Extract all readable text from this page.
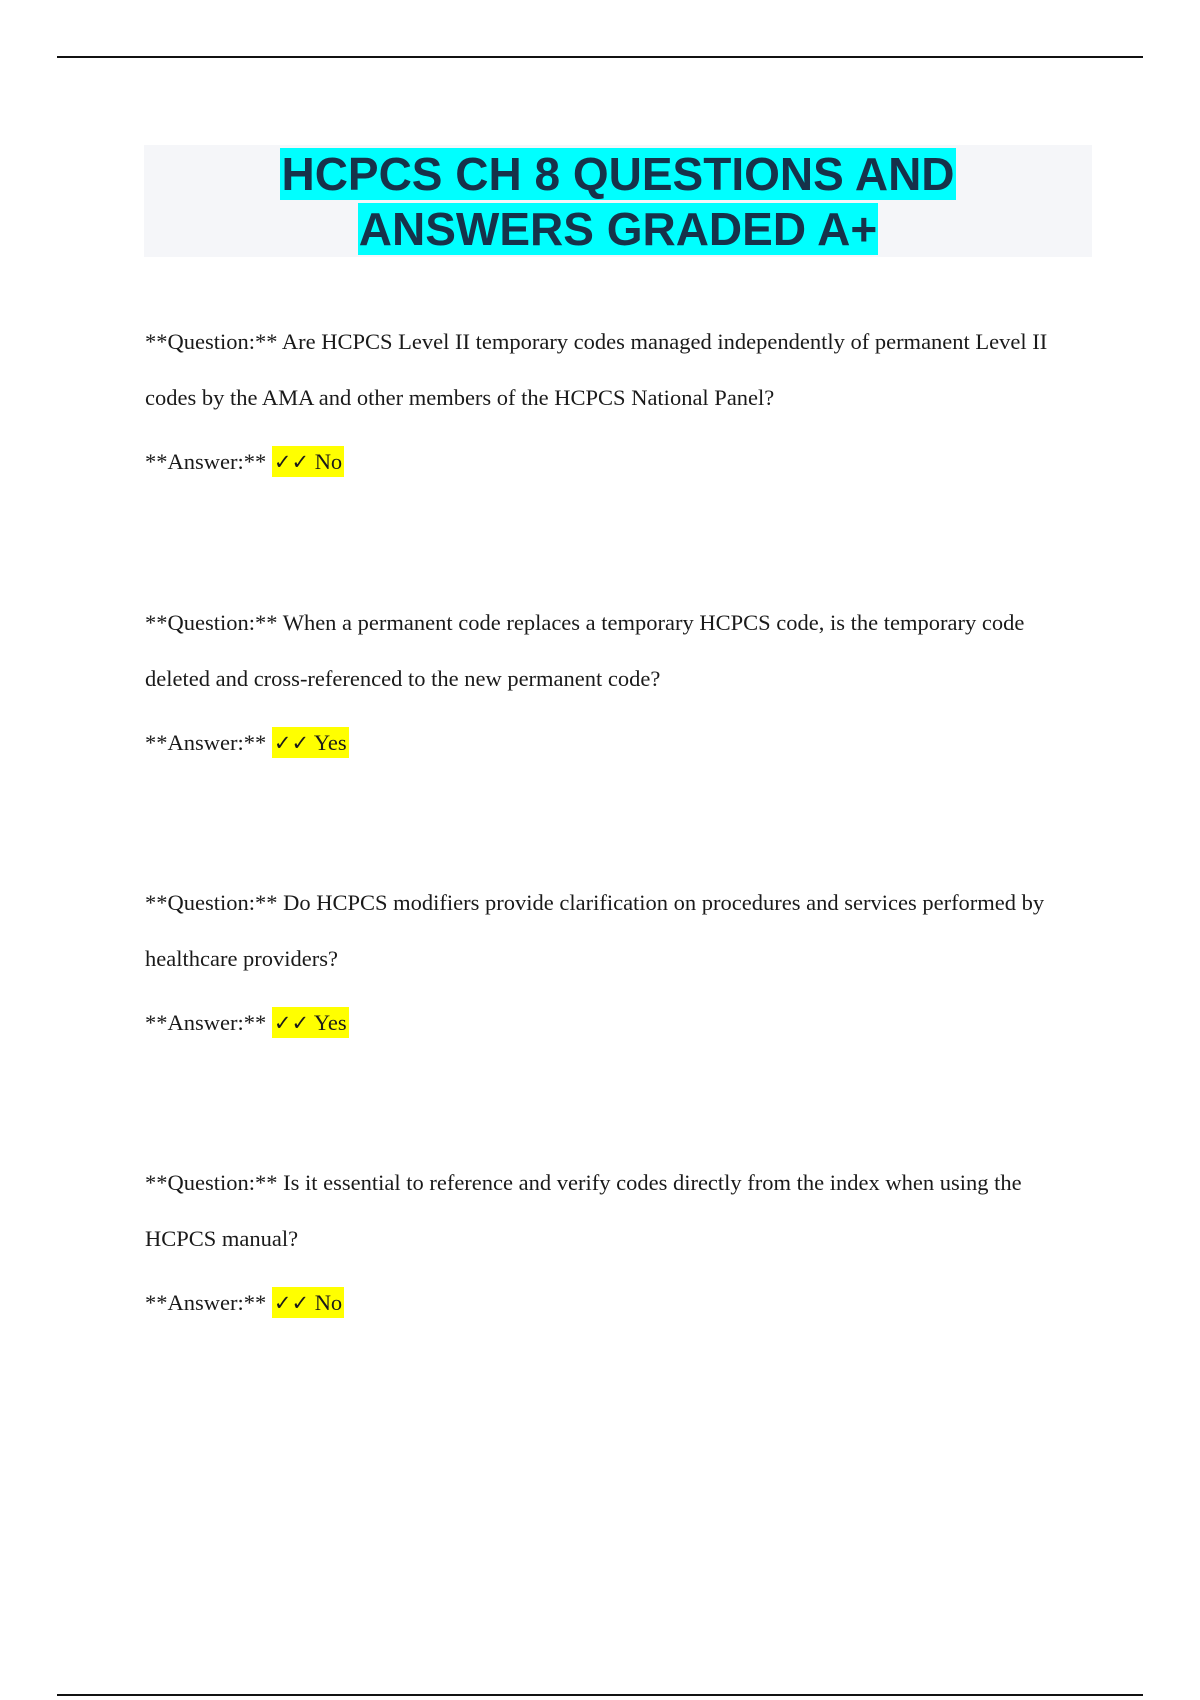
HCPCS CH 8 QUESTIONS AND
ANSWERS GRADED A+

**Question:** Are HCPCS Level II temporary codes managed independently of permanent Level II codes by the AMA and other members of the HCPCS National Panel?

**Answer:** ✓✓ No

**Question:** When a permanent code replaces a temporary HCPCS code, is the temporary code deleted and cross-referenced to the new permanent code?

**Answer:** ✓✓ Yes

**Question:** Do HCPCS modifiers provide clarification on procedures and services performed by healthcare providers?

**Answer:** ✓✓ Yes

**Question:** Is it essential to reference and verify codes directly from the index when using the HCPCS manual?

**Answer:** ✓✓ No
